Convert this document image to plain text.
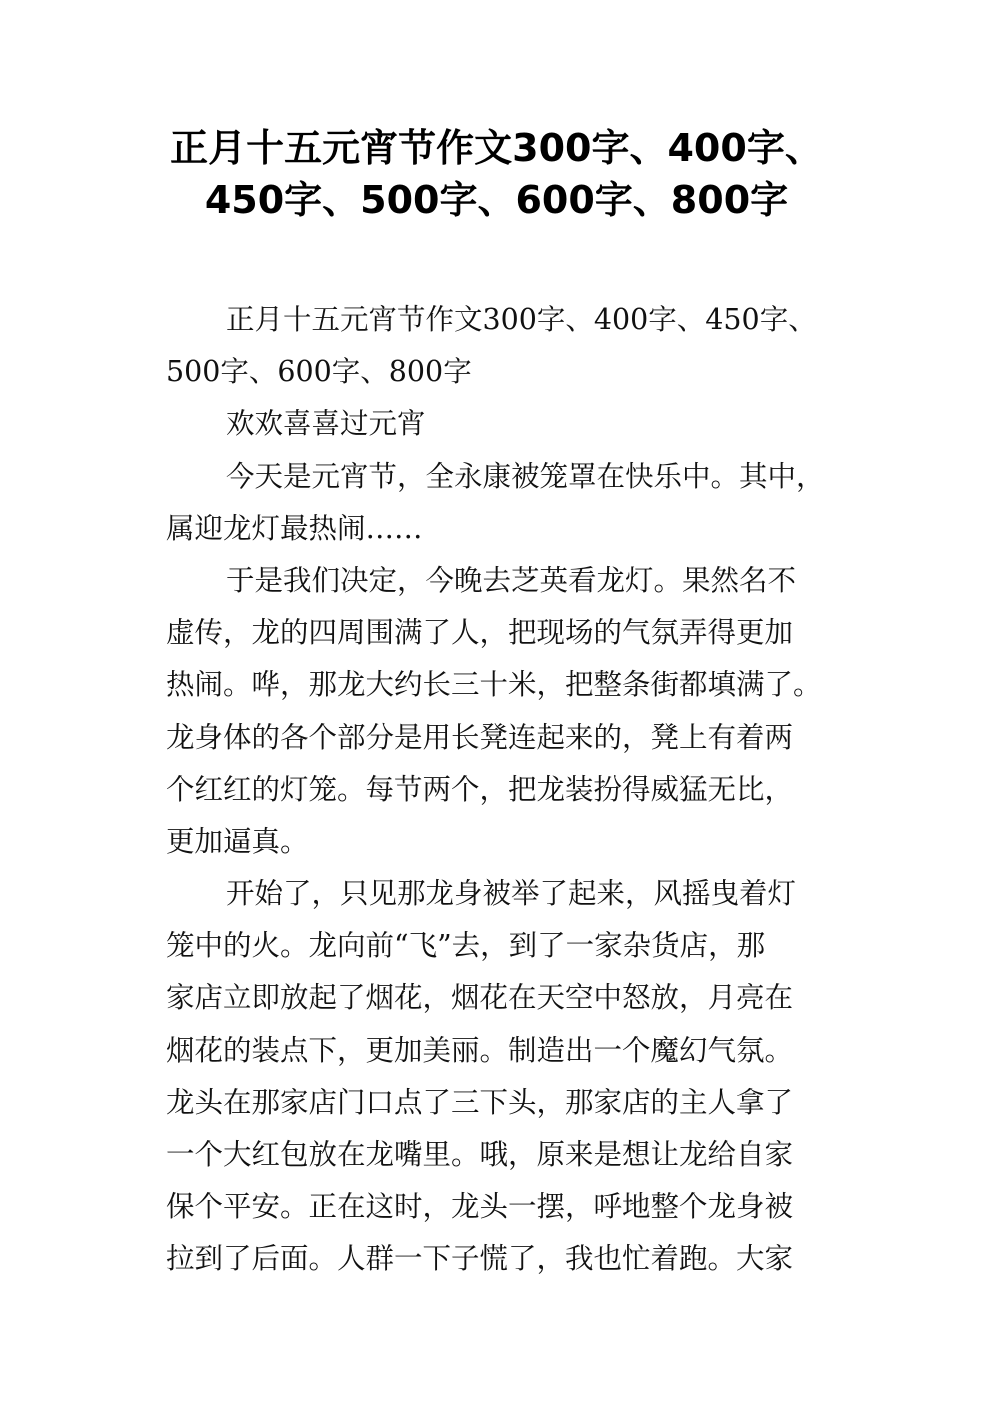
正月十五元宵节作文300字、400字、
450字、500字、600字、800字

正月十五元宵节作文300字、400字、450字、
500字、600字、800字

欢欢喜喜过元宵

今天是元宵节，全永康被笼罩在快乐中。其中，
属迎龙灯最热闹……

于是我们决定，今晚去芝英看龙灯。果然名不
虚传，龙的四周围满了人，把现场的气氛弄得更加
热闹。哗，那龙大约长三十米，把整条街都填满了。
龙身体的各个部分是用长凳连起来的，凳上有着两
个红红的灯笼。每节两个，把龙装扮得威猛无比，
更加逼真。

开始了，只见那龙身被举了起来，风摇曳着灯
笼中的火。龙向前“飞”去，到了一家杂货店，那
家店立即放起了烟花，烟花在天空中怒放，月亮在
烟花的装点下，更加美丽。制造出一个魔幻气氛。
龙头在那家店门口点了三下头，那家店的主人拿了
一个大红包放在龙嘴里。哦，原来是想让龙给自家
保个平安。正在这时，龙头一摆，呼地整个龙身被
拉到了后面。人群一下子慌了，我也忙着跑。大家
